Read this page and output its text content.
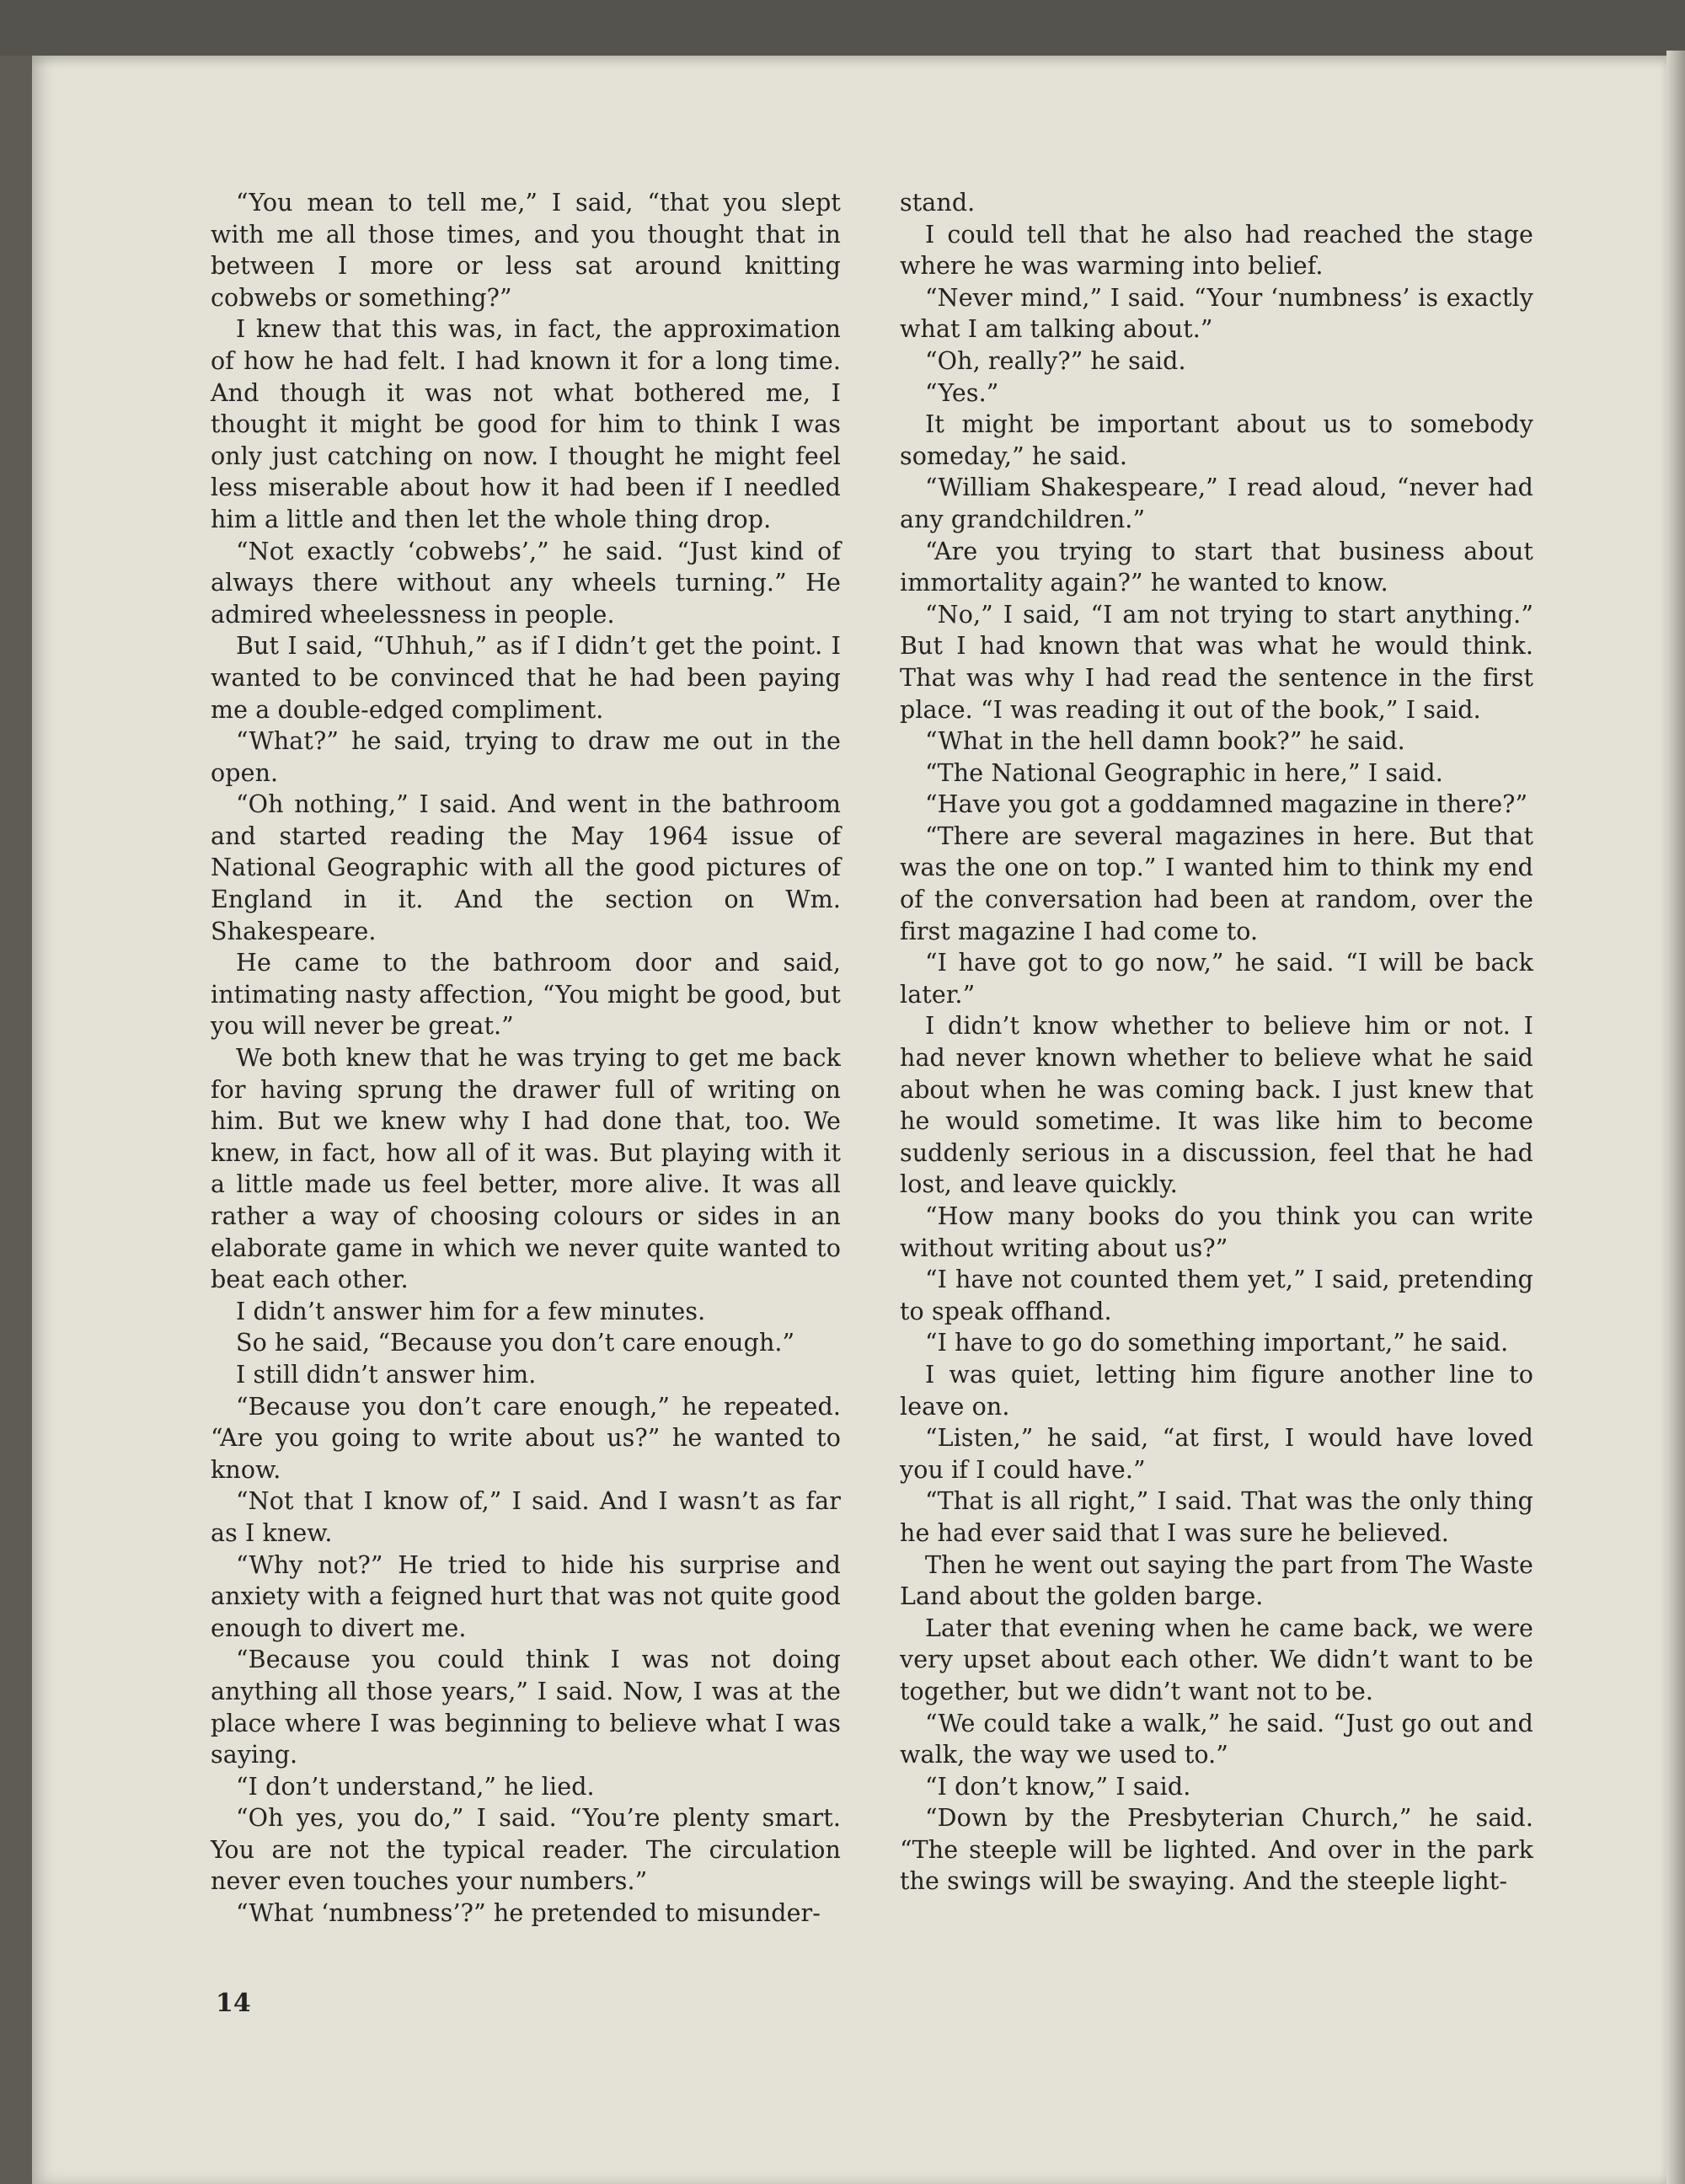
“You mean to tell me,” I said, “that you slept with me all those times, and you thought that in between I more or less sat around knitting cobwebs or something?”

I knew that this was, in fact, the approximation of how he had felt. I had known it for a long time. And though it was not what bothered me, I thought it might be good for him to think I was only just catching on now. I thought he might feel less miserable about how it had been if I needled him a little and then let the whole thing drop.

“Not exactly ‘cobwebs’,” he said. “Just kind of always there without any wheels turning.” He admired wheelessness in people.

But I said, “Uhhuh,” as if I didn’t get the point. I wanted to be convinced that he had been paying me a double-edged compliment.

“What?” he said, trying to draw me out in the open.

“Oh nothing,” I said. And went in the bathroom and started reading the May 1964 issue of National Geographic with all the good pictures of England in it. And the section on Wm. Shakespeare.

He came to the bathroom door and said, intimating nasty affection, “You might be good, but you will never be great.”

We both knew that he was trying to get me back for having sprung the drawer full of writing on him. But we knew why I had done that, too. We knew, in fact, how all of it was. But playing with it a little made us feel better, more alive. It was all rather a way of choosing colours or sides in an elaborate game in which we never quite wanted to beat each other.

I didn’t answer him for a few minutes.

So he said, “Because you don’t care enough.”

I still didn’t answer him.

“Because you don’t care enough,” he repeated. “Are you going to write about us?” he wanted to know.

“Not that I know of,” I said. And I wasn’t as far as I knew.

“Why not?” He tried to hide his surprise and anxiety with a feigned hurt that was not quite good enough to divert me.

“Because you could think I was not doing anything all those years,” I said. Now, I was at the place where I was beginning to believe what I was saying.

“I don’t understand,” he lied.

“Oh yes, you do,” I said. “You’re plenty smart. You are not the typical reader. The circulation never even touches your numbers.”

“What ‘numbness’?” he pretended to misunder-

stand.

I could tell that he also had reached the stage where he was warming into belief.

“Never mind,” I said. “Your ‘numbness’ is exactly what I am talking about.”

“Oh, really?” he said.

“Yes.”

It might be important about us to somebody someday,” he said.

“William Shakespeare,” I read aloud, “never had any grandchildren.”

“Are you trying to start that business about immortality again?” he wanted to know.

“No,” I said, “I am not trying to start anything.” But I had known that was what he would think. That was why I had read the sentence in the first place. “I was reading it out of the book,” I said.

“What in the hell damn book?” he said.

“The National Geographic in here,” I said.

“Have you got a goddamned magazine in there?”

“There are several magazines in here. But that was the one on top.” I wanted him to think my end of the conversation had been at random, over the first magazine I had come to.

“I have got to go now,” he said. “I will be back later.”

I didn’t know whether to believe him or not. I had never known whether to believe what he said about when he was coming back. I just knew that he would sometime. It was like him to become suddenly serious in a discussion, feel that he had lost, and leave quickly.

“How many books do you think you can write without writing about us?”

“I have not counted them yet,” I said, pretending to speak offhand.

“I have to go do something important,” he said.

I was quiet, letting him figure another line to leave on.

“Listen,” he said, “at first, I would have loved you if I could have.”

“That is all right,” I said. That was the only thing he had ever said that I was sure he believed.

Then he went out saying the part from The Waste Land about the golden barge.

Later that evening when he came back, we were very upset about each other. We didn’t want to be together, but we didn’t want not to be.

“We could take a walk,” he said. “Just go out and walk, the way we used to.”

“I don’t know,” I said.

“Down by the Presbyterian Church,” he said. “The steeple will be lighted. And over in the park the swings will be swaying. And the steeple light-

14
